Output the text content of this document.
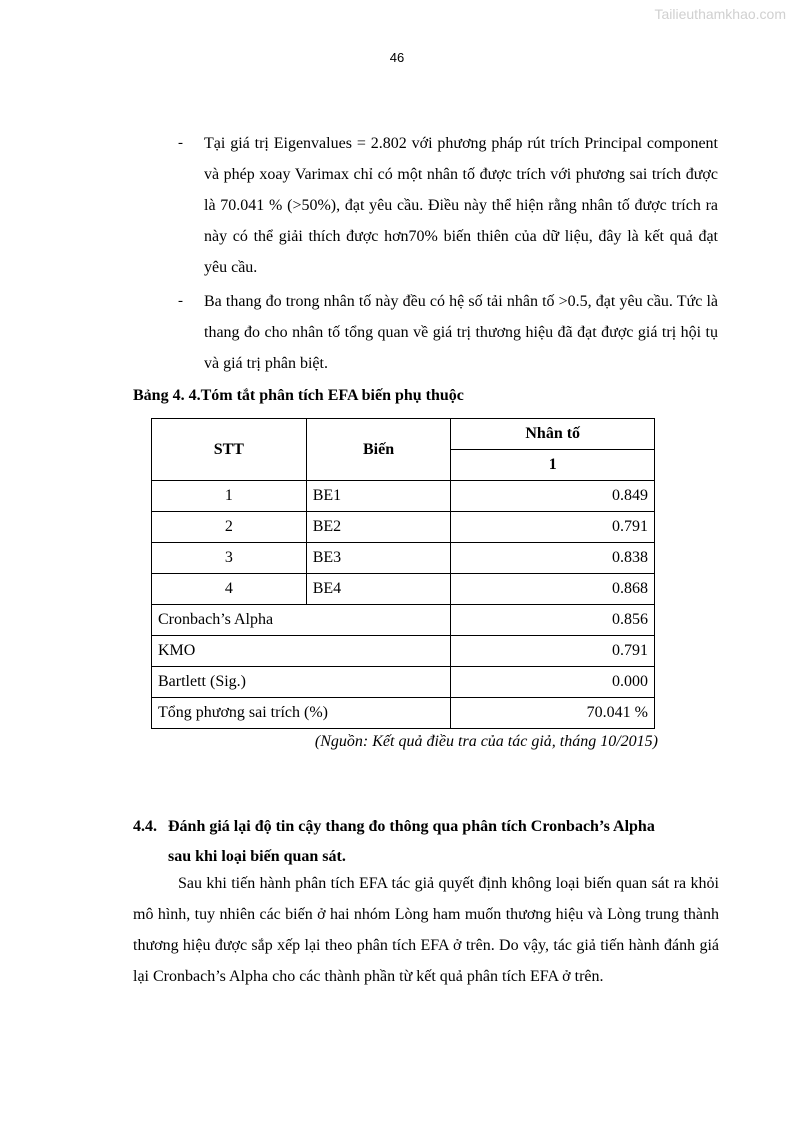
Tailieuthamkhao.com
46
- Tại giá trị Eigenvalues = 2.802 với phương pháp rút trích Principal component và phép xoay Varimax chỉ có một nhân tố được trích với phương sai trích được là 70.041 % (>50%), đạt yêu cầu. Điều này thể hiện rằng nhân tố được trích ra này có thể giải thích được hơn70% biến thiên của dữ liệu, đây là kết quả đạt yêu cầu.

- Ba thang đo trong nhân tố này đều có hệ số tải nhân tố >0.5, đạt yêu cầu. Tức là thang đo cho nhân tố tổng quan về giá trị thương hiệu đã đạt được giá trị hội tụ và giá trị phân biệt.

Bảng 4. 4.Tóm tắt phân tích EFA biến phụ thuộc

STT	Biến	Nhân tố
		1
1	BE1	0.849
2	BE2	0.791
3	BE3	0.838
4	BE4	0.868
Cronbach’s Alpha		0.856
KMO		0.791
Bartlett (Sig.)		0.000
Tổng phương sai trích (%)		70.041 %

(Nguồn: Kết quả điều tra của tác giả, tháng 10/2015)

4.4. Đánh giá lại độ tin cậy thang đo thông qua phân tích Cronbach’s Alpha
sau khi loại biến quan sát.

Sau khi tiến hành phân tích EFA tác giả quyết định không loại biến quan sát ra khỏi mô hình, tuy nhiên các biến ở hai nhóm Lòng ham muốn thương hiệu và Lòng trung thành thương hiệu được sắp xếp lại theo phân tích EFA ở trên. Do vậy, tác giả tiến hành đánh giá lại Cronbach’s Alpha cho các thành phần từ kết quả phân tích EFA ở trên.
